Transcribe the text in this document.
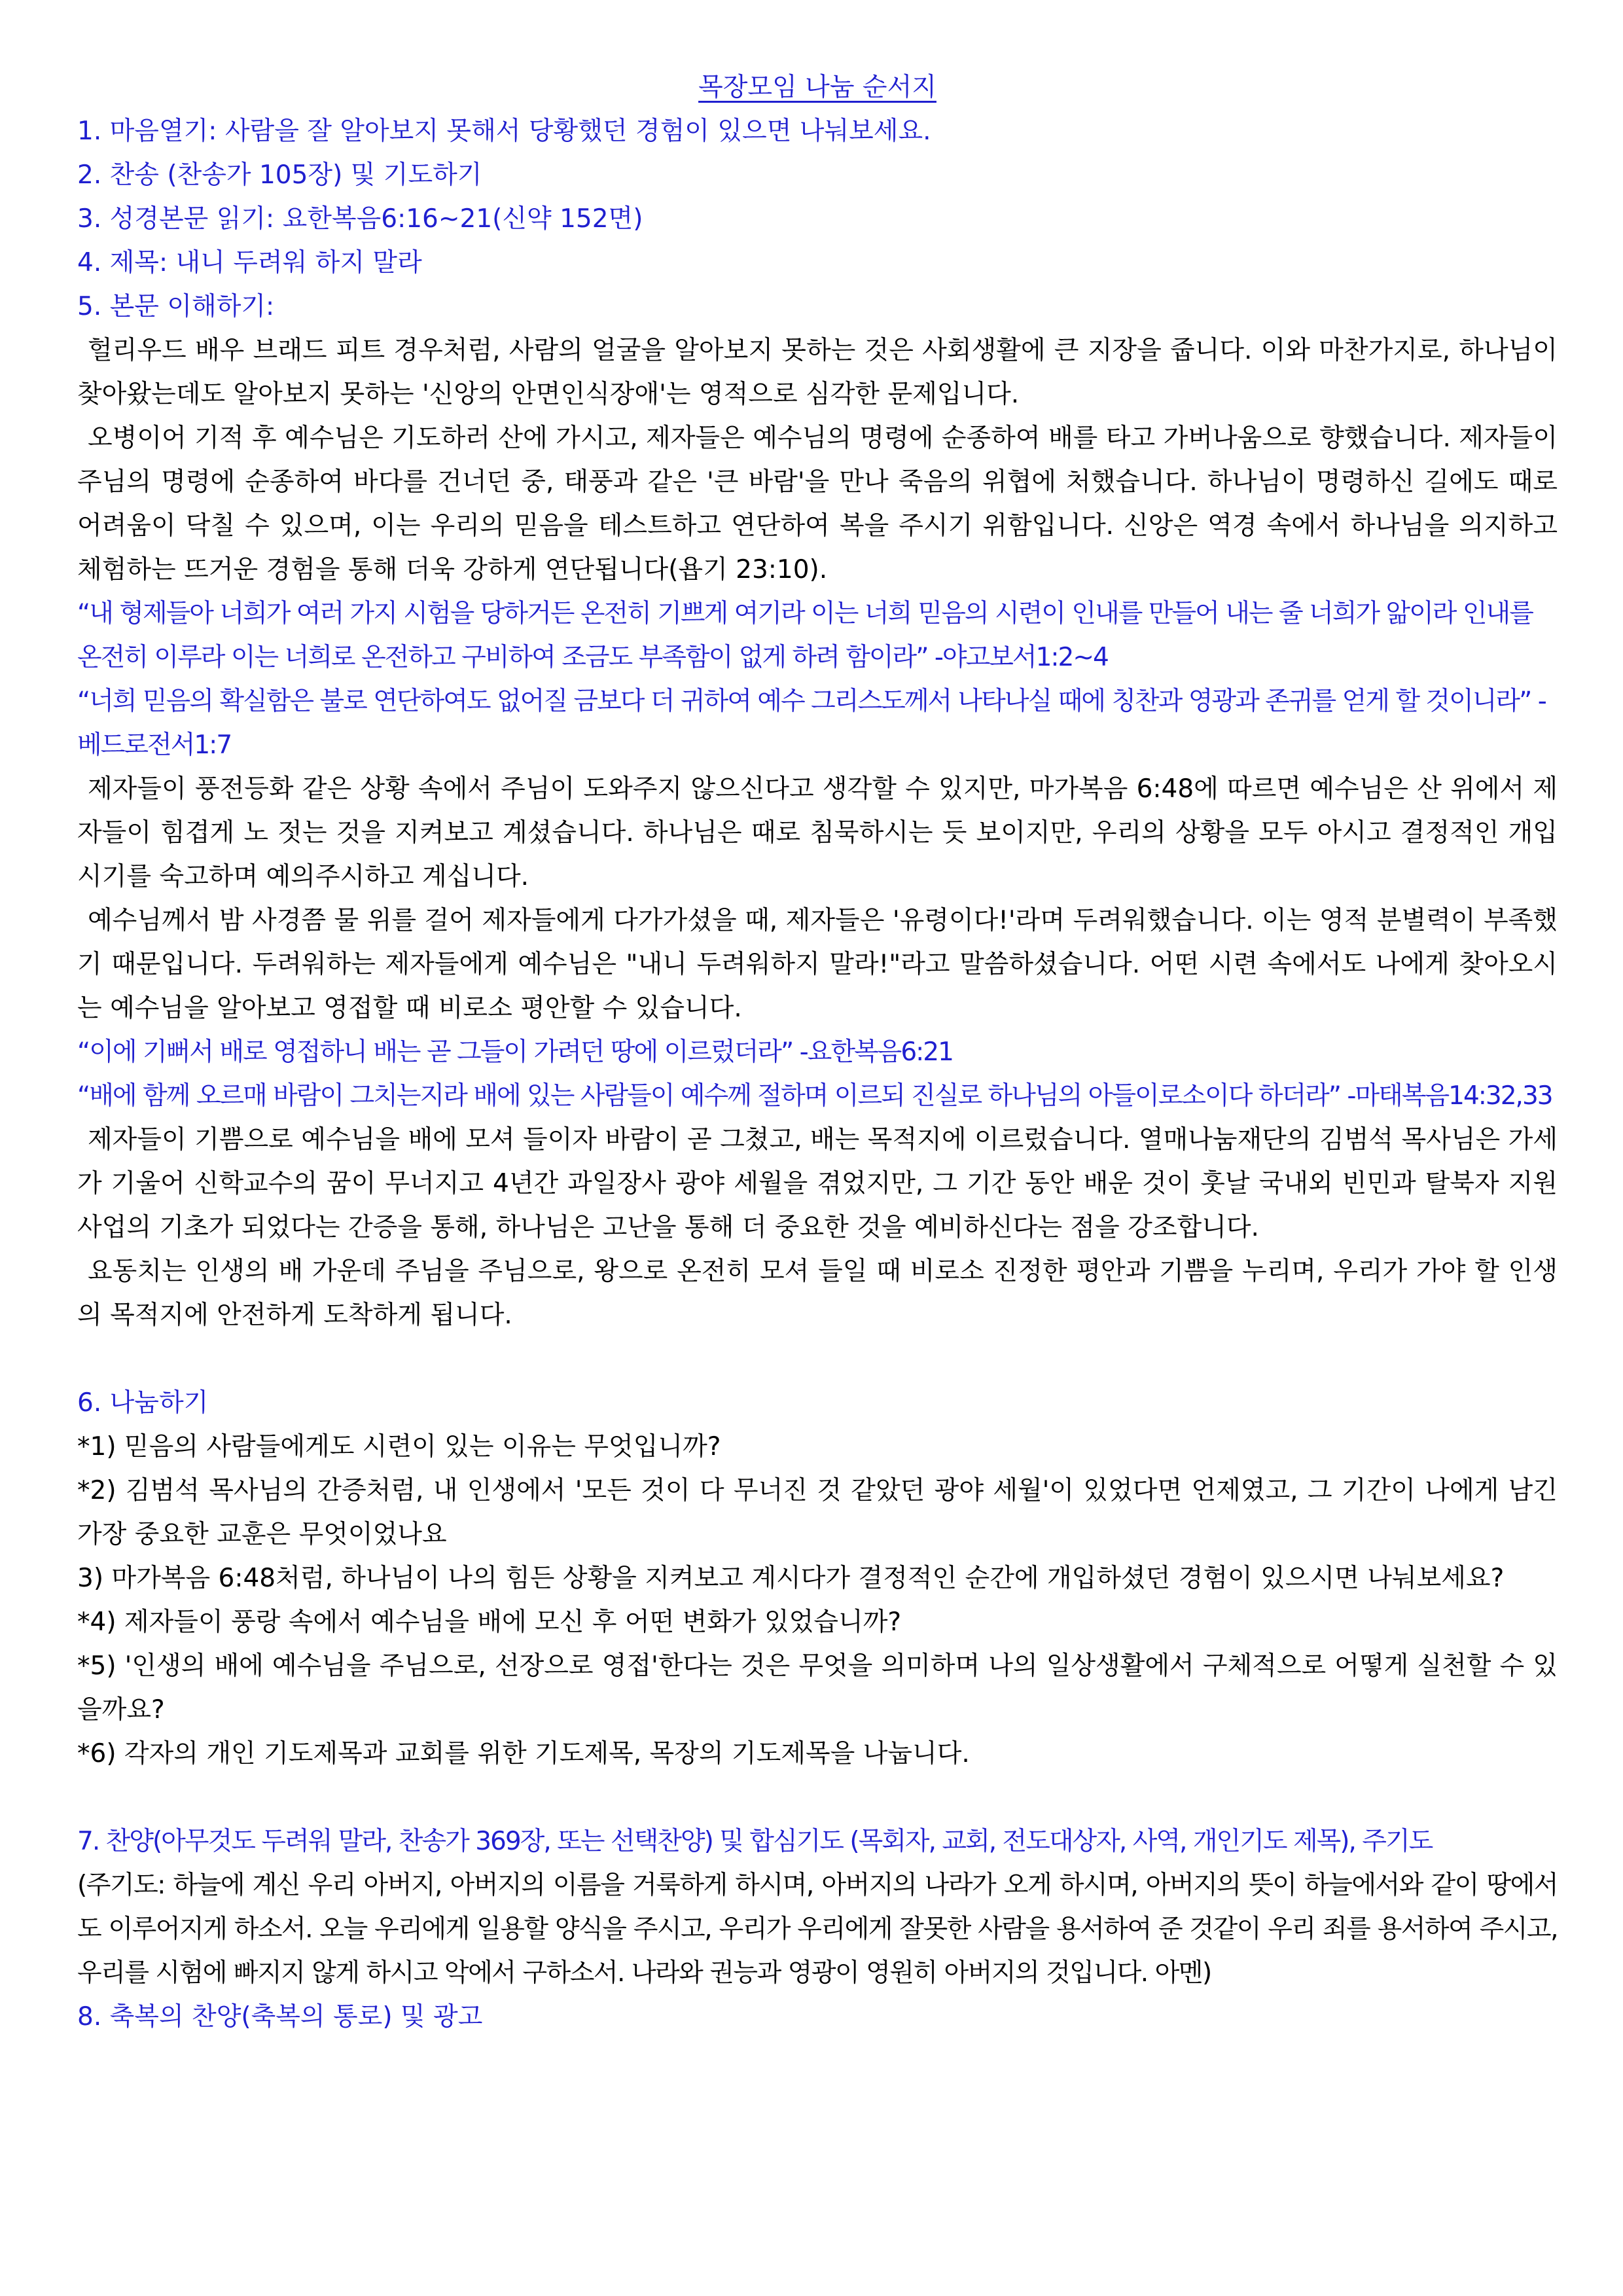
목장모임 나눔 순서지

1. 마음열기: 사람을 잘 알아보지 못해서 당황했던 경험이 있으면 나눠보세요.

2. 찬송 (찬송가 105장) 및 기도하기

3. 성경본문 읽기: 요한복음6:16~21(신약 152면)

4. 제목: 내니 두려워 하지 말라

5. 본문 이해하기:

헐리우드 배우 브래드 피트 경우처럼, 사람의 얼굴을 알아보지 못하는 것은 사회생활에 큰 지장을 줍니다. 이와 마찬가지로, 하나님이 찾아왔는데도 알아보지 못하는 '신앙의 안면인식장애'는 영적으로 심각한 문제입니다.

오병이어 기적 후 예수님은 기도하러 산에 가시고, 제자들은 예수님의 명령에 순종하여 배를 타고 가버나움으로 향했습니다. 제자들이 주님의 명령에 순종하여 바다를 건너던 중, 태풍과 같은 '큰 바람'을 만나 죽음의 위협에 처했습니다. 하나님이 명령하신 길에도 때로 어려움이 닥칠 수 있으며, 이는 우리의 믿음을 테스트하고 연단하여 복을 주시기 위함입니다. 신앙은 역경 속에서 하나님을 의지하고 체험하는 뜨거운 경험을 통해 더욱 강하게 연단됩니다(욥기 23:10).

“내 형제들아 너희가 여러 가지 시험을 당하거든 온전히 기쁘게 여기라 이는 너희 믿음의 시련이 인내를 만들어 내는 줄 너희가 앎이라 인내를 온전히 이루라 이는 너희로 온전하고 구비하여 조금도 부족함이 없게 하려 함이라” -야고보서1:2~4

“너희 믿음의 확실함은 불로 연단하여도 없어질 금보다 더 귀하여 예수 그리스도께서 나타나실 때에 칭찬과 영광과 존귀를 얻게 할 것이니라” -베드로전서1:7

제자들이 풍전등화 같은 상황 속에서 주님이 도와주지 않으신다고 생각할 수 있지만, 마가복음 6:48에 따르면 예수님은 산 위에서 제자들이 힘겹게 노 젓는 것을 지켜보고 계셨습니다. 하나님은 때로 침묵하시는 듯 보이지만, 우리의 상황을 모두 아시고 결정적인 개입 시기를 숙고하며 예의주시하고 계십니다.

예수님께서 밤 사경쯤 물 위를 걸어 제자들에게 다가가셨을 때, 제자들은 '유령이다!'라며 두려워했습니다. 이는 영적 분별력이 부족했기 때문입니다. 두려워하는 제자들에게 예수님은 "내니 두려워하지 말라!"라고 말씀하셨습니다. 어떤 시련 속에서도 나에게 찾아오시는 예수님을 알아보고 영접할 때 비로소 평안할 수 있습니다.

“이에 기뻐서 배로 영접하니 배는 곧 그들이 가려던 땅에 이르렀더라” -요한복음6:21

“배에 함께 오르매 바람이 그치는지라 배에 있는 사람들이 예수께 절하며 이르되 진실로 하나님의 아들이로소이다 하더라” -마태복음14:32,33

제자들이 기쁨으로 예수님을 배에 모셔 들이자 바람이 곧 그쳤고, 배는 목적지에 이르렀습니다. 열매나눔재단의 김범석 목사님은 가세가 기울어 신학교수의 꿈이 무너지고 4년간 과일장사 광야 세월을 겪었지만, 그 기간 동안 배운 것이 훗날 국내외 빈민과 탈북자 지원 사업의 기초가 되었다는 간증을 통해, 하나님은 고난을 통해 더 중요한 것을 예비하신다는 점을 강조합니다.

요동치는 인생의 배 가운데 주님을 주님으로, 왕으로 온전히 모셔 들일 때 비로소 진정한 평안과 기쁨을 누리며, 우리가 가야 할 인생의 목적지에 안전하게 도착하게 됩니다.

6. 나눔하기

*1) 믿음의 사람들에게도 시련이 있는 이유는 무엇입니까?

*2) 김범석 목사님의 간증처럼, 내 인생에서 '모든 것이 다 무너진 것 같았던 광야 세월'이 있었다면 언제였고, 그 기간이 나에게 남긴 가장 중요한 교훈은 무엇이었나요

3) 마가복음 6:48처럼, 하나님이 나의 힘든 상황을 지켜보고 계시다가 결정적인 순간에 개입하셨던 경험이 있으시면 나눠보세요?

*4) 제자들이 풍랑 속에서 예수님을 배에 모신 후 어떤 변화가 있었습니까?

*5) '인생의 배에 예수님을 주님으로, 선장으로 영접'한다는 것은 무엇을 의미하며 나의 일상생활에서 구체적으로 어떻게 실천할 수 있을까요?

*6) 각자의 개인 기도제목과 교회를 위한 기도제목, 목장의 기도제목을 나눕니다.

7. 찬양(아무것도 두려워 말라, 찬송가 369장, 또는 선택찬양) 및 합심기도 (목회자, 교회, 전도대상자, 사역, 개인기도 제목), 주기도

(주기도: 하늘에 계신 우리 아버지, 아버지의 이름을 거룩하게 하시며, 아버지의 나라가 오게 하시며, 아버지의 뜻이 하늘에서와 같이 땅에서도 이루어지게 하소서. 오늘 우리에게 일용할 양식을 주시고, 우리가 우리에게 잘못한 사람을 용서하여 준 것같이 우리 죄를 용서하여 주시고, 우리를 시험에 빠지지 않게 하시고 악에서 구하소서. 나라와 권능과 영광이 영원히 아버지의 것입니다. 아멘)

8. 축복의 찬양(축복의 통로) 및 광고
